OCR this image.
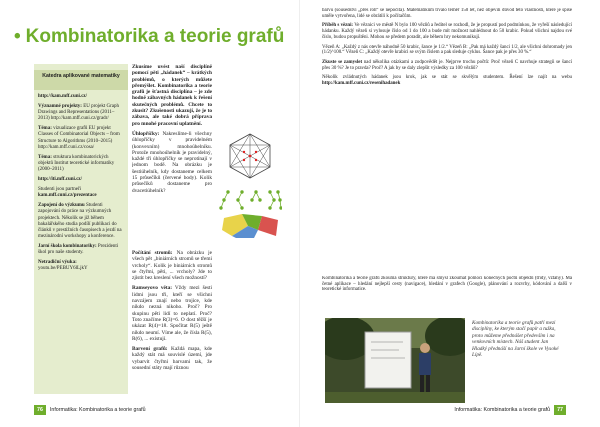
• Kombinatorika a teorie grafů
Katedra aplikované matematiky

http://kam.mff.cuni.cz/

Významné projekty: EU projekt Graph Drawings and Representations (2011–2013) http://kam.mff.cuni.cz/gradr/

Téma: vizualizace grafů EU projekt Classes of Combinatorial Objects – from Structure to Algorithms (2010–2015) http://kam.mff.cuni.cz/cosa/

Téma: struktura kombinatorických objektů Institut teoretické informatiky (2000–2011)

http://iti.mff.cuni.cz/

Studenti jsou partneři kam.mff.cuni.cz/prezentace

Zapojení do výzkumu Studenti zapojování do práce na výzkumných projektech. Několik se již během bakalářského studia podílí publikaci do článků v prestižních časopisech a jezdí na mezinárodní workshopy a konference.

Jarní škola kombinatoriky: Prezidenti škol pro naše studenty.

Netradiční výuka: youtu.be/PEBUY6lLjkY

Zkusíme uvést naší disciplíně pomocí pěti „hádanek“ – krátkých problémů, o kterých můžete přemýšlet. Kombinatorika a teorie grafů je šťastná disciplína – je zde hodně zábavných hádanek k řešení skutečných problémů. Chcete to zkusit? Zkušenosti ukazují, že je to zábava, ale také dobrá příprava pro mnohé pracovní uplatnění.

Úhlopříčky: Nakreslíme-li všechny úhlopříčky v pravidelném (konvexním) mnohoúhelníku. Protože mnohoúhelník je pravidelný, každé tři úhlopříčky se neprotínají v jednom bodě. Na obrázku je šestiúhelník, kdy dostaneme celkem 15 průsečíků (červené body). Kolik průsečíků dostaneme pro dvacetiúhelník?

Počítání stromů: Na obrázku je všech pět „biniárních stromů se třemi vrcholy“. Kolik je biniárních stromů se čtyřmi, pěti, ... vrcholy? Jde to zjistit bez kreslení všech možností?

Ramseyovo věta: Vždy mezi šesti lidmi jsou tři, kteří se všichni navzájem znají nebo trojice, kde nikdo nezná nikoho. Proč? Pro skupinu pěti lidí to neplatí. Proč? Toto značíme R(3)=6. O dost těžší je ukázat R(4)=18. Spočítat R(5) ještě nikdo neumí. Víme ale, že čísla R(5), R(6), ... existují.

Barvení grafů: Každá mapa, kde každý stát má souvislé území, jde vybarvit čtyřmi barvami tak, že sousední státy mají různou

76	Informatika: Kombinatorika a teorie grafů

barvu (sousedství „přes roh“ se nepočítá). Matematikům trvalo téměř 150 let, než objevili důvod této vlastnosti, které je spíše uměle vytvořena, lidé se obrátili k počítačům.

Příběh s vězni: Ve věznici ve městě N bylo 100 vězňů a ředitel se rozhodl, že je propustí pod podmínkou, že vyřeší následující hádanku. Každý vězeň si vylosuje číslo od 1 do 100 a bude mít možnost nahlédnout do 50 krabic. Pokud všichni najdou své číslo, budou propuštěni. Mohou se předem poradit, ale během hry nekomunikují.

Vězeň A: „Každý z nás otevře náhodně 50 krabic, šance je 1/2.“ Vězeň B: „Pak má každý šanci 1/2, ale všichni dohromady jen (1/2)^100.“ Vězeň C: „Každý otevře krabici se svým číslem a pak sleduje cyklus. Šance pak je přes 30 %.“

Zkuste se zamyslet nad několika otázkami a zodpovědět je. Nejprve trochu počtů: Proč vězeň C navrhuje strategii se šancí přes 30 %? Je to pravda? Proč? A jak by se daly zlepšit výsledky za 100 vězňů?

Několik zvládnutých hádanek jsou krok, jak se stát se skvělým studentem. Řešení lze najít na webu http://kam.mff.cuni.cz/resenihadanek

Kombinatorika a teorie grafů zkoumá struktury, které má smysl zkoumat pomocí konečných počtů objektů (třídy, vztahy). Má četné aplikace – hledání nejlepší cesty (navigace), hledání v grafech (Google), plánování a rozvrhy, kódování a další v teoretické informatice.

Kombinatorika a teorie grafů patří mezi disciplíny, ke kterým stačí papír a tužka, proto můžeme přednášet především i na venkovních místech. Náš student Jan Hladký přednáší na Jarní škole ve Vysoké Lípě.
Informatika: Kombinatorika a teorie grafů	77
